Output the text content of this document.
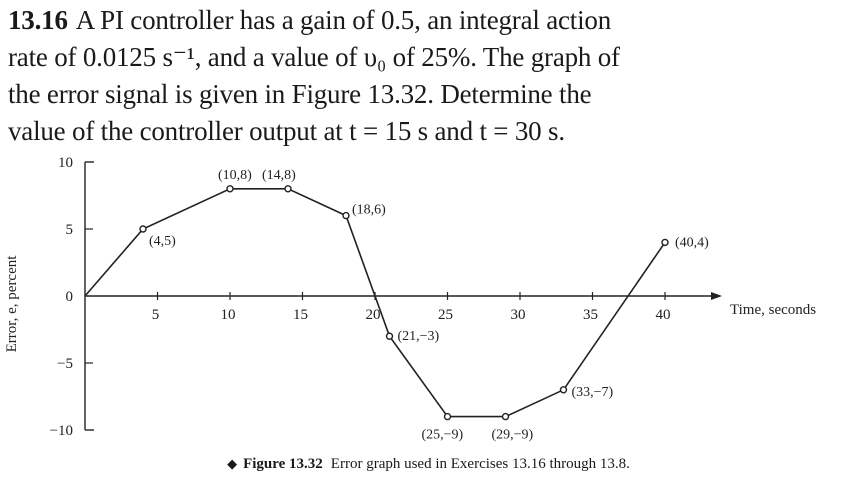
13.16 A PI controller has a gain of 0.5, an integral action
rate of 0.0125 s⁻¹, and a value of υ₀ of 25%. The graph of
the error signal is given in Figure 13.32. Determine the
value of the controller output at t = 15 s and t = 30 s.
Time, seconds
Error, e, percent	5	10	15	20	25	30	35	40
−10
−5
0
5
10
(4,5)
(10,8) (14,8)
(18,6)
(21,−3)
(25,−9) (29,−9)
(33,−7)
(40,4)
◆ Figure 13.32 Error graph used in Exercises 13.16 through 13.8.
